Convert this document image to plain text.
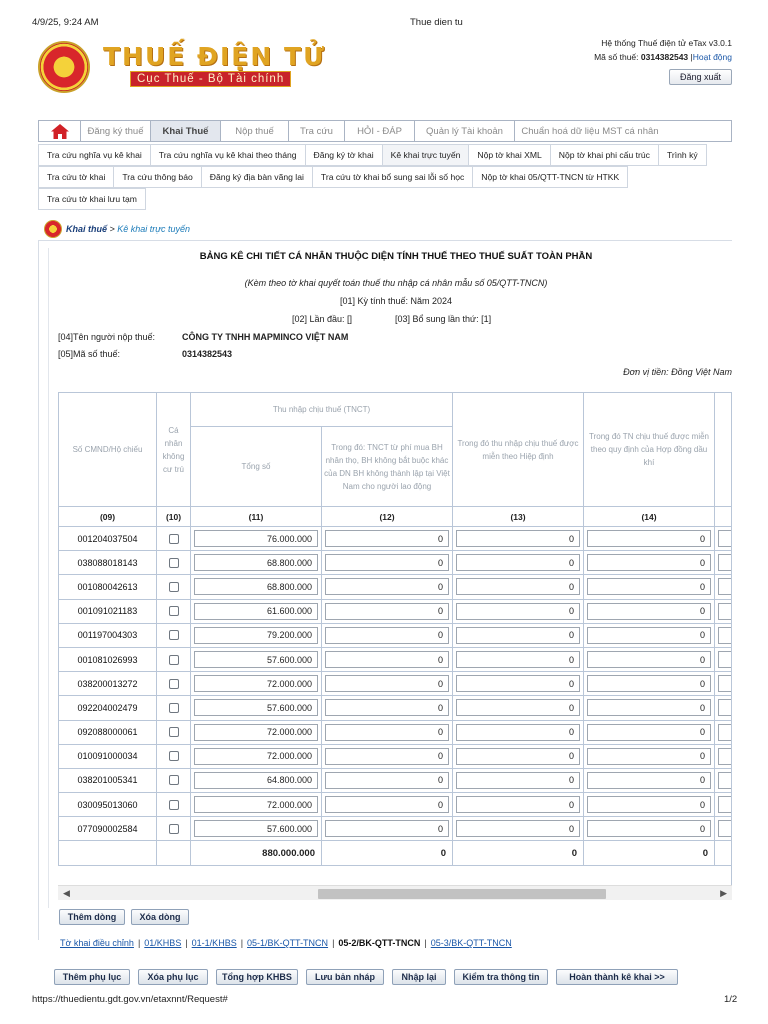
4/9/25, 9:24 AM	Thue dien tu
THUẾ ĐIỆN TỬ
Cục Thuế - Bộ Tài chính
Hệ thống Thuế điện tử eTax v3.0.1
Mã số thuế: 0314382543 |Hoạt động
Đăng xuất
Đăng ký thuế	Khai Thuế	Nộp thuế	Tra cứu	HỎI - ĐÁP	Quản lý Tài khoản	Chuẩn hoá dữ liệu MST cá nhân
Tra cứu nghĩa vụ kê khai	Tra cứu nghĩa vụ kê khai theo tháng	Đăng ký tờ khai	Kê khai trực tuyến	Nộp tờ khai XML	Nộp tờ khai phi cấu trúc	Trình ký
Tra cứu tờ khai	Tra cứu thông báo	Đăng ký địa bàn vãng lai	Tra cứu tờ khai bổ sung sai lỗi số học	Nộp tờ khai 05/QTT-TNCN từ HTKK
Tra cứu tờ khai lưu tạm
Khai thuế > Kê khai trực tuyến
BẢNG KÊ CHI TIẾT CÁ NHÂN THUỘC DIỆN TÍNH THUẾ THEO THUẾ SUẤT TOÀN PHẦN
(Kèm theo tờ khai quyết toán thuế thu nhập cá nhân mẫu số 05/QTT-TNCN)
[01] Kỳ tính thuế: Năm 2024
[02] Lần đầu: []	[03] Bổ sung lần thứ: [1]
[04]Tên người nộp thuế:	CÔNG TY TNHH MAPMINCO VIỆT NAM
[05]Mã số thuế:	0314382543
Đơn vị tiền: Đồng Việt Nam
Số CMND/Hộ chiếu	Cá nhân không cư trú	Thu nhập chịu thuế (TNCT)		Trong đó thu nhập chịu thuế được miễn theo Hiệp định	Trong đó TN chịu thuế được miễn theo quy định của Hợp đồng dầu khí	
		Tổng số	Trong đó: TNCT từ phí mua BH nhân thọ, BH không bắt buộc khác của DN BH không thành lập tại Việt Nam cho người lao động			
(09)	(10)	(11)	(12)	(13)	(14)	

001204037504		76.000.000	0	0	0	

038088018143		68.800.000	0	0	0	

001080042613		68.800.000	0	0	0	

001091021183		61.600.000	0	0	0	

001197004303		79.200.000	0	0	0	

001081026993		57.600.000	0	0	0	

038200013272		72.000.000	0	0	0	

092204002479		57.600.000	0	0	0	

092088000061		72.000.000	0	0	0	

010091000034		72.000.000	0	0	0	

038201005341		64.800.000	0	0	0	

030095013060		72.000.000	0	0	0	

077090002584		57.600.000	0	0	0	

		880.000.000	0	0	0	
◀	▶
Thêm dòng	Xóa dòng
Tờ khai điều chỉnh | 01/KHBS | 01-1/KHBS | 05-1/BK-QTT-TNCN | 05-2/BK-QTT-TNCN | 05-3/BK-QTT-TNCN
Thêm phụ lục	Xóa phụ lục	Tổng hợp KHBS	Lưu bản nháp	Nhập lại	Kiểm tra thông tin	Hoàn thành kê khai >>
https://thuedientu.gdt.gov.vn/etaxnnt/Request#	1/2
